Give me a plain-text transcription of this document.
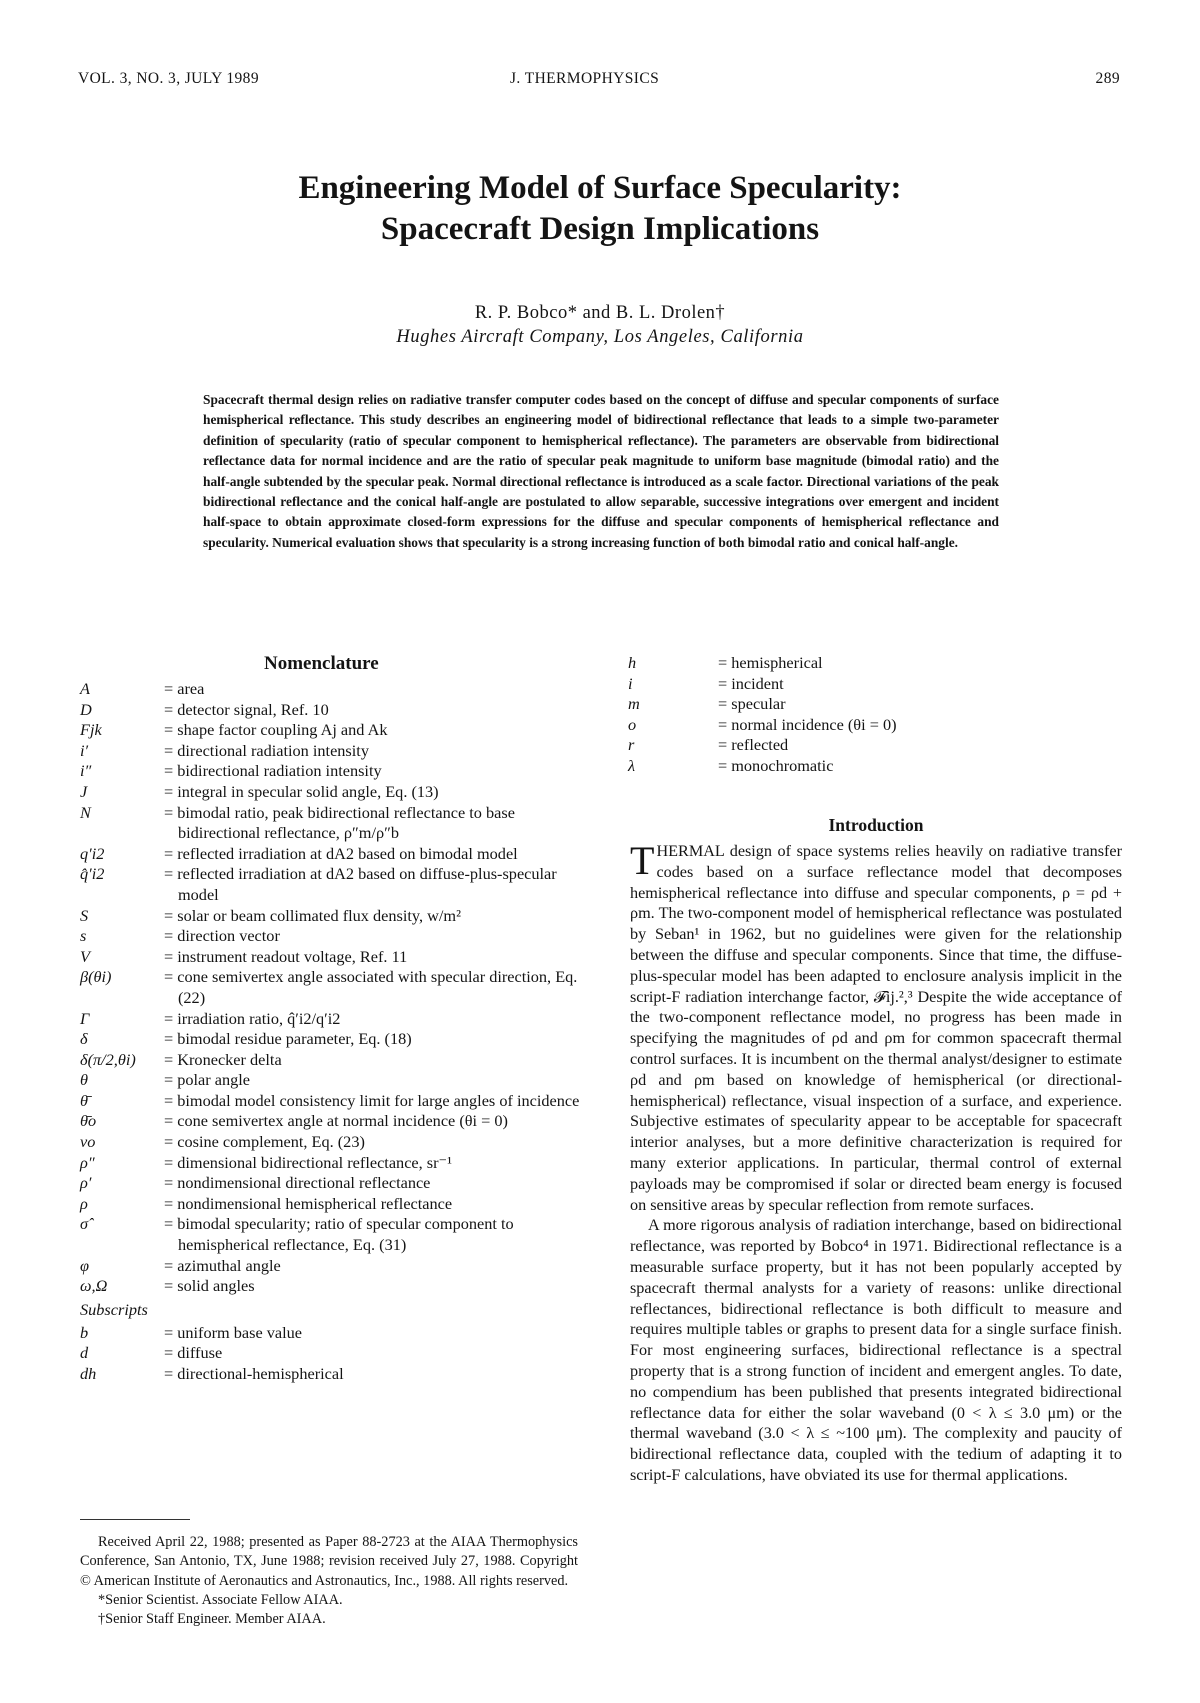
VOL. 3, NO. 3, JULY 1989	J. THERMOPHYSICS	289
Engineering Model of Surface Specularity:
Spacecraft Design Implications
R. P. Bobco* and B. L. Drolen†
Hughes Aircraft Company, Los Angeles, California
Spacecraft thermal design relies on radiative transfer computer codes based on the concept of diffuse and specular components of surface hemispherical reflectance. This study describes an engineering model of bidirectional reflectance that leads to a simple two-parameter definition of specularity (ratio of specular component to hemispherical reflectance). The parameters are observable from bidirectional reflectance data for normal incidence and are the ratio of specular peak magnitude to uniform base magnitude (bimodal ratio) and the half-angle subtended by the specular peak. Normal directional reflectance is introduced as a scale factor. Directional variations of the peak bidirectional reflectance and the conical half-angle are postulated to allow separable, successive integrations over emergent and incident half-space to obtain approximate closed-form expressions for the diffuse and specular components of hemispherical reflectance and specularity. Numerical evaluation shows that specularity is a strong increasing function of both bimodal ratio and conical half-angle.
Nomenclature
A	= area
D	= detector signal, Ref. 10
Fjk	= shape factor coupling Aj and Ak
i′	= directional radiation intensity
i″	= bidirectional radiation intensity
J	= integral in specular solid angle, Eq. (13)
N	= bimodal ratio, peak bidirectional reflectance to base bidirectional reflectance, ρ″m/ρ″b
q′i2	= reflected irradiation at dA2 based on bimodal model
q̂′i2	= reflected irradiation at dA2 based on diffuse-plus-specular model
S	= solar or beam collimated flux density, w/m²
s	= direction vector
V	= instrument readout voltage, Ref. 11
β(θi)	= cone semivertex angle associated with specular direction, Eq. (22)
Γ	= irradiation ratio, q̂′i2/q′i2
δ	= bimodal residue parameter, Eq. (18)
δ(π/2,θi)	= Kronecker delta
θ	= polar angle
θ̄	= bimodal model consistency limit for large angles of incidence
θ̄o	= cone semivertex angle at normal incidence (θi = 0)
νo	= cosine complement, Eq. (23)
ρ″	= dimensional bidirectional reflectance, sr⁻¹
ρ′	= nondimensional directional reflectance
ρ	= nondimensional hemispherical reflectance
σ̂	= bimodal specularity; ratio of specular component to hemispherical reflectance, Eq. (31)
φ	= azimuthal angle
ω,Ω	= solid angles
Subscripts
b	= uniform base value
d	= diffuse
dh	= directional-hemispherical
h	= hemispherical
i	= incident
m	= specular
o	= normal incidence (θi = 0)
r	= reflected
λ	= monochromatic
Introduction

THERMAL design of space systems relies heavily on radiative transfer codes based on a surface reflectance model that decomposes hemispherical reflectance into diffuse and specular components, ρ = ρd + ρm. The two-component model of hemispherical reflectance was postulated by Seban¹ in 1962, but no guidelines were given for the relationship between the diffuse and specular components. Since that time, the diffuse-plus-specular model has been adapted to enclosure analysis implicit in the script-F radiation interchange factor, 𝓕ij.²,³ Despite the wide acceptance of the two-component reflectance model, no progress has been made in specifying the magnitudes of ρd and ρm for common spacecraft thermal control surfaces. It is incumbent on the thermal analyst/designer to estimate ρd and ρm based on knowledge of hemispherical (or directional-hemispherical) reflectance, visual inspection of a surface, and experience. Subjective estimates of specularity appear to be acceptable for spacecraft interior analyses, but a more definitive characterization is required for many exterior applications. In particular, thermal control of external payloads may be compromised if solar or directed beam energy is focused on sensitive areas by specular reflection from remote surfaces.

A more rigorous analysis of radiation interchange, based on bidirectional reflectance, was reported by Bobco⁴ in 1971. Bidirectional reflectance is a measurable surface property, but it has not been popularly accepted by spacecraft thermal analysts for a variety of reasons: unlike directional reflectances, bidirectional reflectance is both difficult to measure and requires multiple tables or graphs to present data for a single surface finish. For most engineering surfaces, bidirectional reflectance is a spectral property that is a strong function of incident and emergent angles. To date, no compendium has been published that presents integrated bidirectional reflectance data for either the solar waveband (0 < λ ≤ 3.0 μm) or the thermal waveband (3.0 < λ ≤ ~100 μm). The complexity and paucity of bidirectional reflectance data, coupled with the tedium of adapting it to script-F calculations, have obviated its use for thermal applications.

Received April 22, 1988; presented as Paper 88-2723 at the AIAA Thermophysics Conference, San Antonio, TX, June 1988; revision received July 27, 1988. Copyright © American Institute of Aeronautics and Astronautics, Inc., 1988. All rights reserved.

*Senior Scientist. Associate Fellow AIAA.

†Senior Staff Engineer. Member AIAA.
